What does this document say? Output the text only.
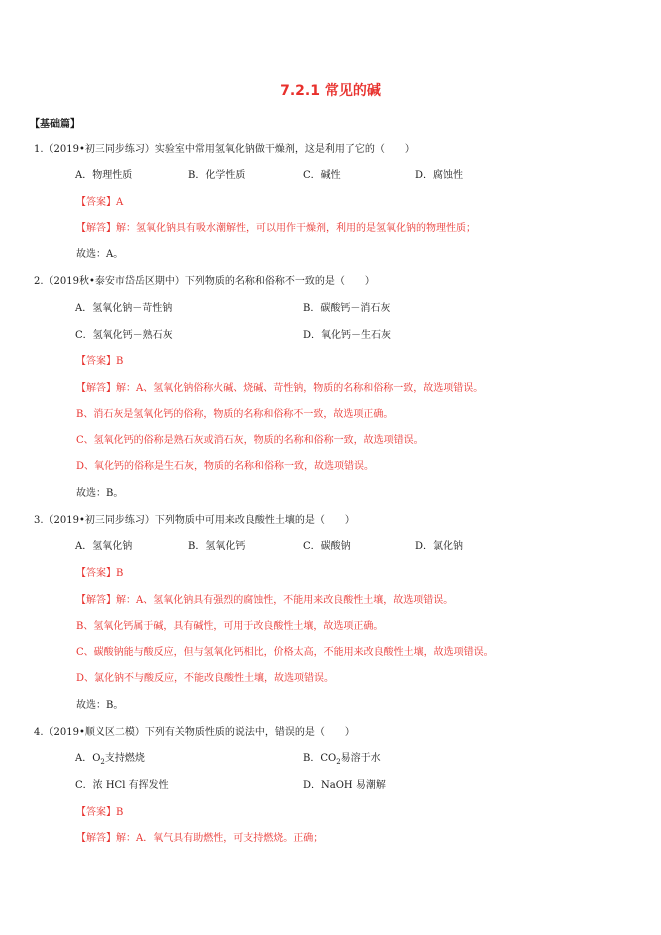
7.2.1 常见的碱
【基础篇】
1.（2019•初三同步练习）实验室中常用氢氧化钠做干燥剂，这是利用了它的（　　）
A．物理性质	B．化学性质	C．碱性	D．腐蚀性
【答案】A
【解答】解：氢氧化钠具有吸水潮解性，可以用作干燥剂，利用的是氢氧化钠的物理性质；
故选：A。
2.（2019秋•泰安市岱岳区期中）下列物质的名称和俗称不一致的是（　　）
A．氢氧化钠－苛性钠	B．碳酸钙－消石灰
C．氢氧化钙－熟石灰	D．氧化钙－生石灰
【答案】B
【解答】解：A、氢氧化钠俗称火碱、烧碱、苛性钠，物质的名称和俗称一致，故选项错误。
B、消石灰是氢氧化钙的俗称，物质的名称和俗称不一致，故选项正确。
C、氢氧化钙的俗称是熟石灰或消石灰，物质的名称和俗称一致，故选项错误。
D、氧化钙的俗称是生石灰，物质的名称和俗称一致，故选项错误。
故选：B。
3.（2019•初三同步练习）下列物质中可用来改良酸性土壤的是（　　）
A．氢氧化钠	B．氢氧化钙	C．碳酸钠	D．氯化钠
【答案】B
【解答】解：A、氢氧化钠具有强烈的腐蚀性，不能用来改良酸性土壤，故选项错误。
B、氢氧化钙属于碱，具有碱性，可用于改良酸性土壤，故选项正确。
C、碳酸钠能与酸反应，但与氢氧化钙相比，价格太高，不能用来改良酸性土壤，故选项错误。
D、氯化钠不与酸反应，不能改良酸性土壤，故选项错误。
故选：B。
4.（2019•顺义区二模）下列有关物质性质的说法中，错误的是（　　）
A．$O_2$支持燃烧	B．$CO_2$易溶于水
C．浓 HCl 有挥发性	D．NaOH 易潮解
【答案】B
【解答】解：A．氧气具有助燃性，可支持燃烧。正确；
